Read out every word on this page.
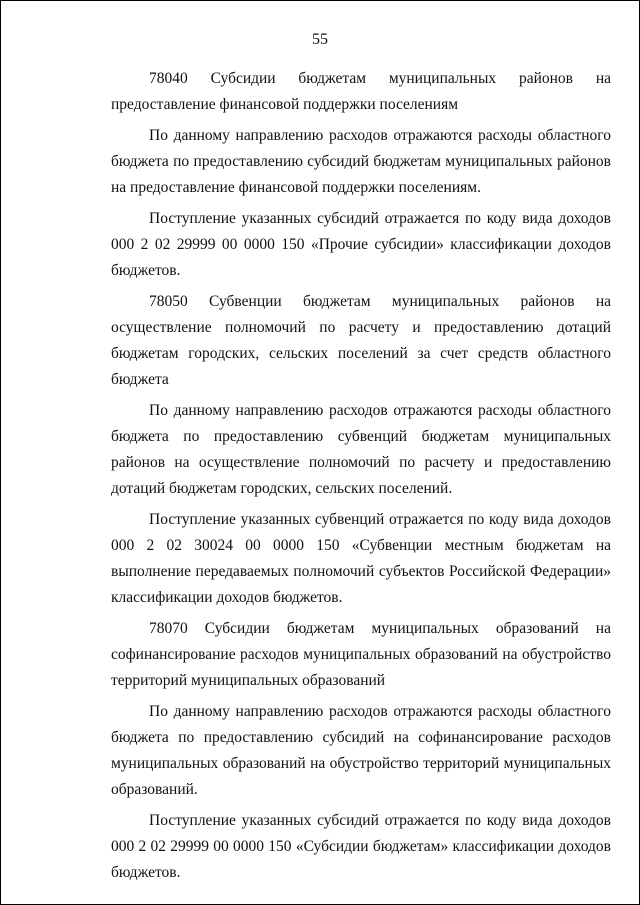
55

78040 Субсидии бюджетам муниципальных районов на предоставление финансовой поддержки поселениям

По данному направлению расходов отражаются расходы областного бюджета по предоставлению субсидий бюджетам муниципальных районов на предоставление финансовой поддержки поселениям.

Поступление указанных субсидий отражается по коду вида доходов 000 2 02 29999 00 0000 150 «Прочие субсидии» классификации доходов бюджетов.

78050 Субвенции бюджетам муниципальных районов на осуществление полномочий по расчету и предоставлению дотаций бюджетам городских, сельских поселений за счет средств областного бюджета

По данному направлению расходов отражаются расходы областного бюджета по предоставлению субвенций бюджетам муниципальных районов на осуществление полномочий по расчету и предоставлению дотаций бюджетам городских, сельских поселений.

Поступление указанных субвенций отражается по коду вида доходов 000 2 02 30024 00 0000 150 «Субвенции местным бюджетам на выполнение передаваемых полномочий субъектов Российской Федерации» классификации доходов бюджетов.

78070 Субсидии бюджетам муниципальных образований на софинансирование расходов муниципальных образований на обустройство территорий муниципальных образований

По данному направлению расходов отражаются расходы областного бюджета по предоставлению субсидий на софинансирование расходов муниципальных образований на обустройство территорий муниципальных образований.

Поступление указанных субсидий отражается по коду вида доходов 000 2 02 29999 00 0000 150 «Субсидии бюджетам» классификации доходов бюджетов.
